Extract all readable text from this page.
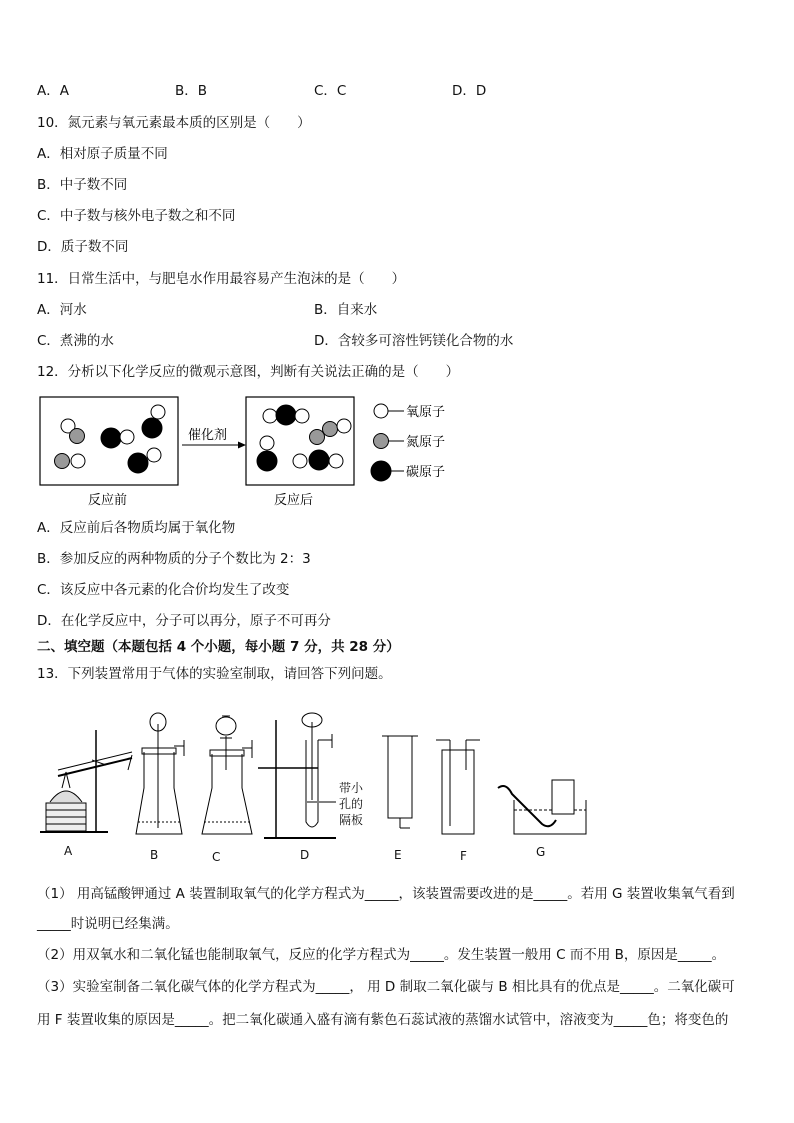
A．A	B．B	C．C	D．D
10．氮元素与氧元素最本质的区别是（　　）
A．相对原子质量不同
B．中子数不同
C．中子数与核外电子数之和不同
D．质子数不同
11．日常生活中，与肥皂水作用最容易产生泡沫的是（　　）
A．河水	B．自来水
C．煮沸的水	D．含较多可溶性钙镁化合物的水
12．分析以下化学反应的微观示意图，判断有关说法正确的是（　　）
催化剂
氧原子
氮原子
碳原子
反应前	反应后
A．反应前后各物质均属于氧化物
B．参加反应的两种物质的分子个数比为 2：3
C．该反应中各元素的化合价均发生了改变
D．在化学反应中，分子可以再分，原子不可再分
二、填空题（本题包括 4 个小题，每小题 7 分，共 28 分）
13．下列装置常用于气体的实验室制取，请回答下列问题。
A	B	C	D	E	F	G
带小
孔的
隔板
（1） 用高锰酸钾通过 A 装置制取氧气的化学方程式为_____，该装置需要改进的是_____。若用 G 装置收集氧气看到
_____时说明已经集满。
（2）用双氧水和二氧化锰也能制取氧气，反应的化学方程式为_____。发生装置一般用 C 而不用 B，原因是_____。
（3）实验室制备二氧化碳气体的化学方程式为_____， 用 D 制取二氧化碳与 B 相比具有的优点是_____。二氧化碳可
用 F 装置收集的原因是_____。把二氧化碳通入盛有滴有紫色石蕊试液的蒸馏水试管中，溶液变为_____色；将变色的
